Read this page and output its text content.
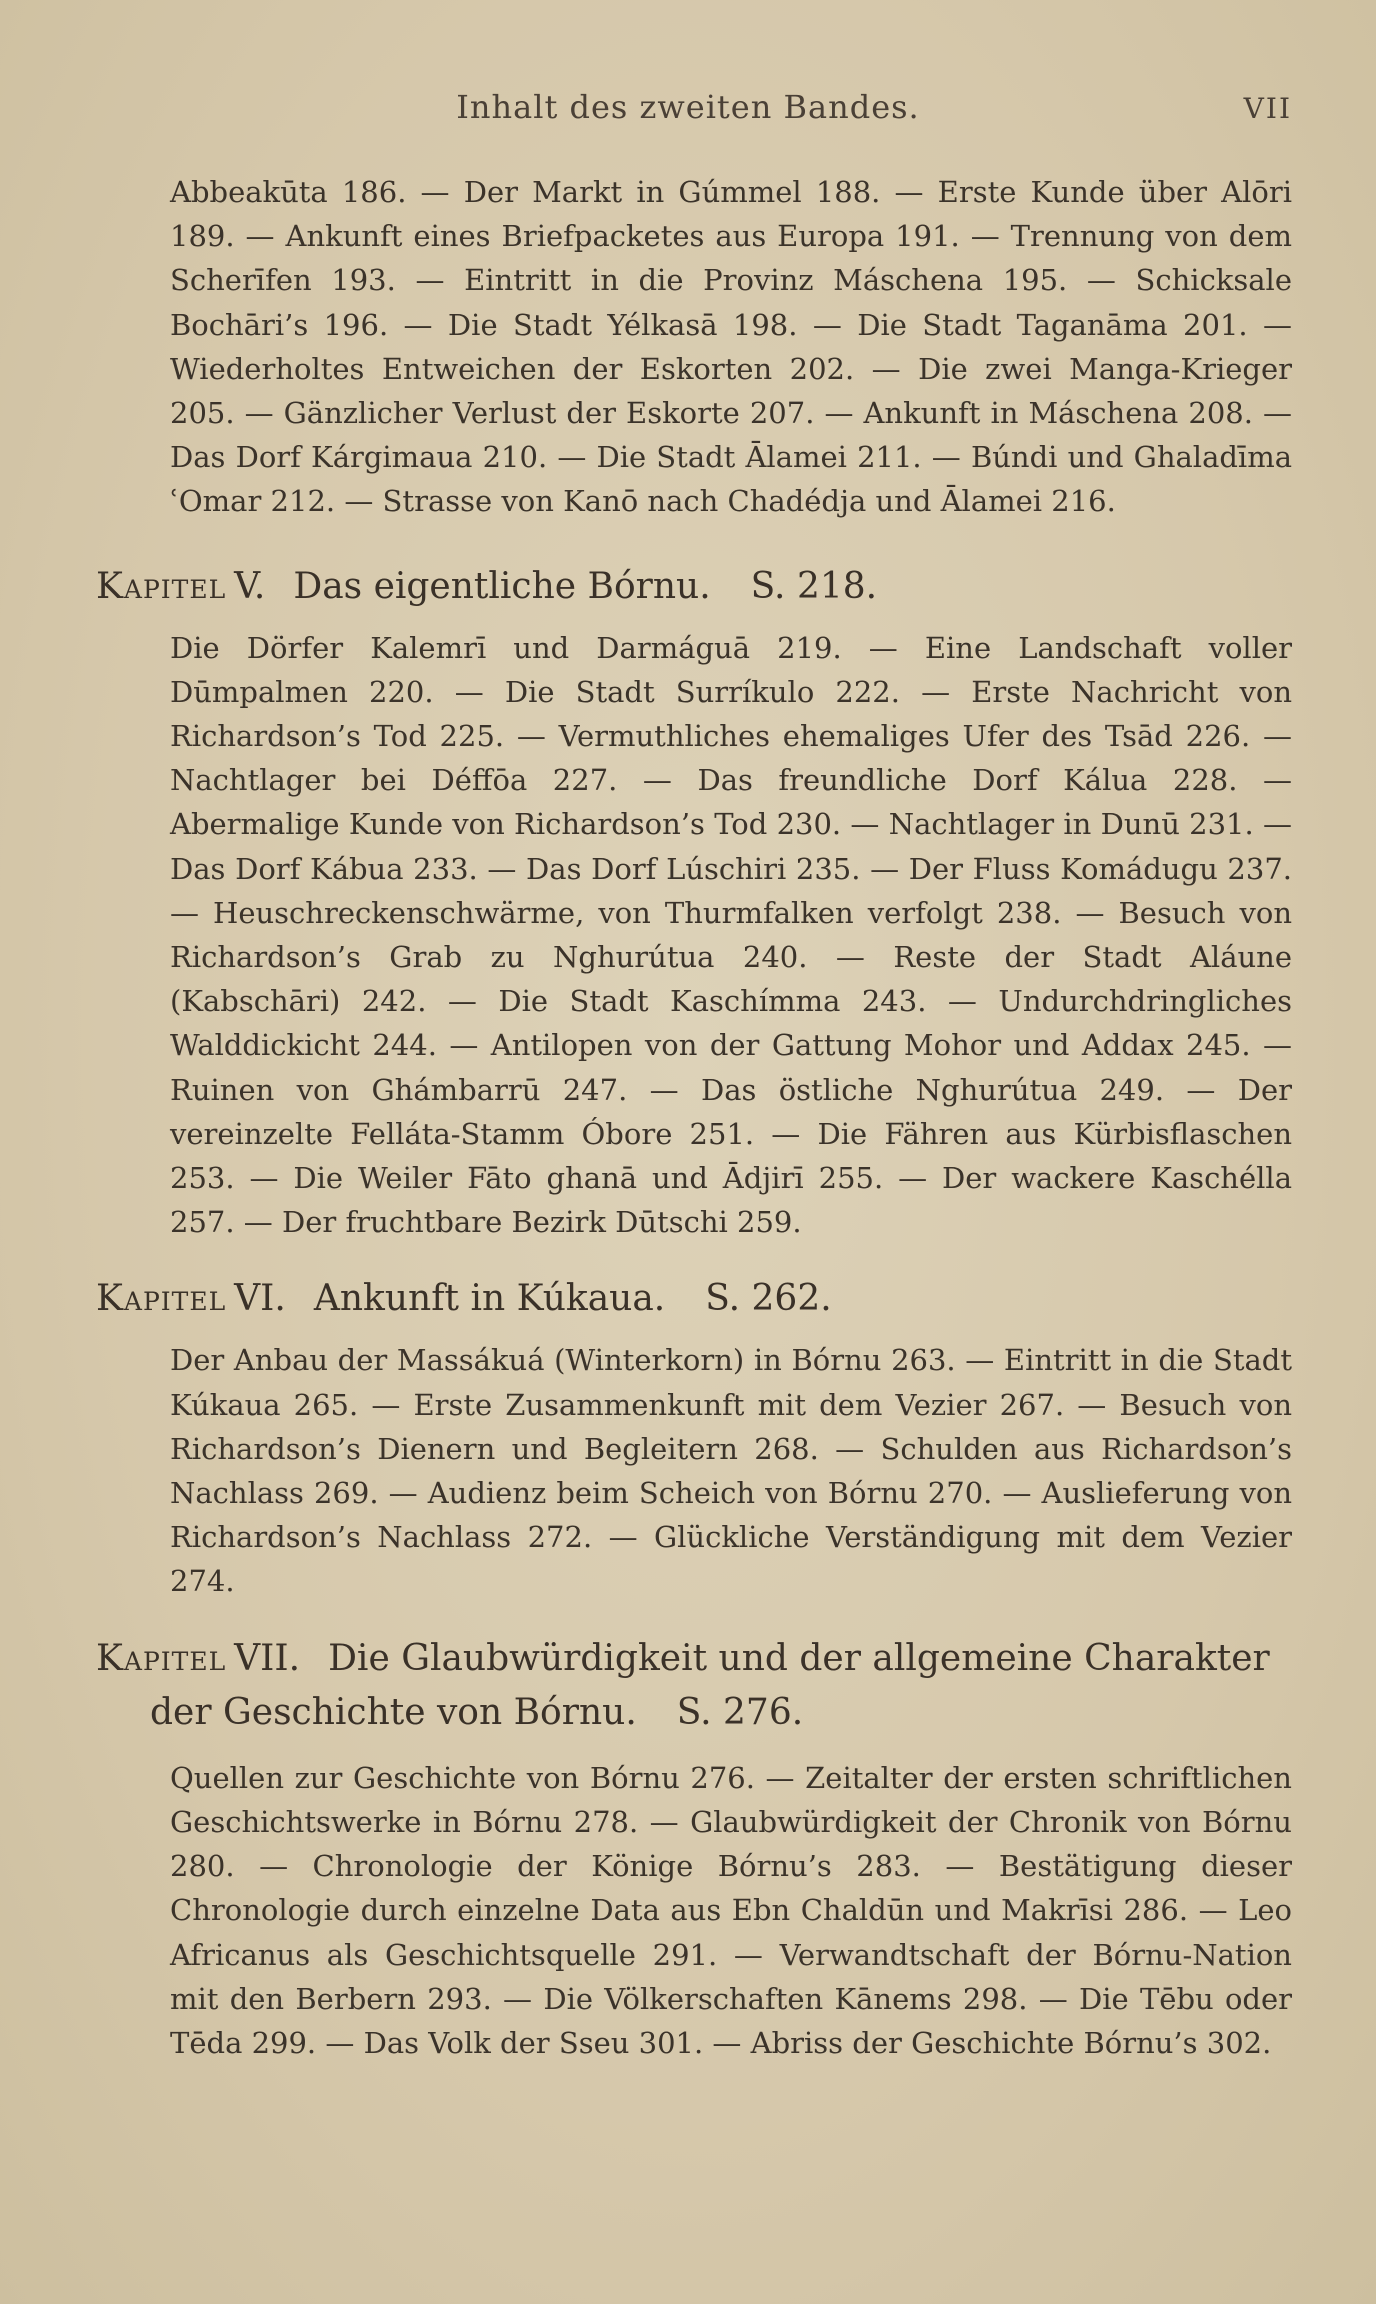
Inhalt des zweiten Bandes.	VII

Abbeakūta 186. — Der Markt in Gúmmel 188. — Erste Kunde über Alōri 189. — Ankunft eines Briefpacketes aus Europa 191. — Trennung von dem Scherīfen 193. — Eintritt in die Provinz Máschena 195. — Schicksale Bochāri’s 196. — Die Stadt Yélkasā 198. — Die Stadt Taganāma 201. — Wiederholtes Entweichen der Eskorten 202. — Die zwei Manga-Krieger 205. — Gänzlicher Verlust der Eskorte 207. — Ankunft in Máschena 208. — Das Dorf Kárgimaua 210. — Die Stadt Ālamei 211. — Búndi und Ghaladīma ʿOmar 212. — Strasse von Kanō nach Chadédja und Ālamei 216.

Kapitel V. Das eigentliche Bórnu. S. 218.

Die Dörfer Kalemrī und Darmáguā 219. — Eine Landschaft voller Dūmpalmen 220. — Die Stadt Surríkulo 222. — Erste Nachricht von Richardson’s Tod 225. — Vermuthliches ehemaliges Ufer des Tsād 226. — Nachtlager bei Déffōa 227. — Das freundliche Dorf Kálua 228. — Abermalige Kunde von Richardson’s Tod 230. — Nachtlager in Dunū 231. — Das Dorf Kábua 233. — Das Dorf Lúschiri 235. — Der Fluss Komádugu 237. — Heuschreckenschwärme, von Thurmfalken verfolgt 238. — Besuch von Richardson’s Grab zu Nghurútua 240. — Reste der Stadt Aláune (Kabschāri) 242. — Die Stadt Kaschímma 243. — Undurchdringliches Walddickicht 244. — Antilopen von der Gattung Mohor und Addax 245. — Ruinen von Ghámbarrū 247. — Das östliche Nghurútua 249. — Der vereinzelte Felláta-Stamm Óbore 251. — Die Fähren aus Kürbisflaschen 253. — Die Weiler Fāto ghanā und Ādjirī 255. — Der wackere Kaschélla 257. — Der fruchtbare Bezirk Dūtschi 259.

Kapitel VI. Ankunft in Kúkaua. S. 262.

Der Anbau der Massákuá (Winterkorn) in Bórnu 263. — Eintritt in die Stadt Kúkaua 265. — Erste Zusammenkunft mit dem Vezier 267. — Besuch von Richardson’s Dienern und Begleitern 268. — Schulden aus Richardson’s Nachlass 269. — Audienz beim Scheich von Bórnu 270. — Auslieferung von Richardson’s Nachlass 272. — Glückliche Verständigung mit dem Vezier 274.

Kapitel VII. Die Glaubwürdigkeit und der allgemeine Charakter der Geschichte von Bórnu. S. 276.

Quellen zur Geschichte von Bórnu 276. — Zeitalter der ersten schriftlichen Geschichtswerke in Bórnu 278. — Glaubwürdigkeit der Chronik von Bórnu 280. — Chronologie der Könige Bórnu’s 283. — Bestätigung dieser Chronologie durch einzelne Data aus Ebn Chaldūn und Makrīsi 286. — Leo Africanus als Geschichtsquelle 291. — Verwandtschaft der Bórnu-Nation mit den Berbern 293. — Die Völkerschaften Kānems 298. — Die Tēbu oder Tēda 299. — Das Volk der Sseu 301. — Abriss der Geschichte Bórnu’s 302.
